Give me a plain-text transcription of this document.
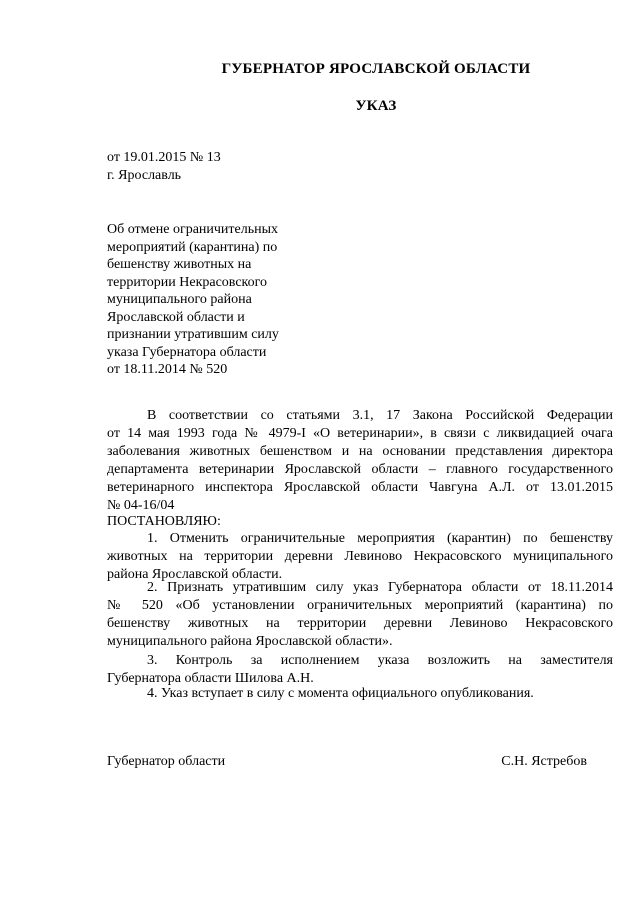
ГУБЕРНАТОР ЯРОСЛАВСКОЙ ОБЛАСТИ
УКАЗ
от 19.01.2015 № 13
г. Ярославль
Об отмене ограничительных
мероприятий (карантина) по
бешенству животных на
территории Некрасовского
муниципального района
Ярославской области и
признании утратившим силу
указа Губернатора области
от 18.11.2014 № 520
В соответствии со статьями 3.1, 17 Закона Российской Федерации
от 14 мая 1993 года № 4979-I «О ветеринарии», в связи с ликвидацией очага
заболевания животных бешенством и на основании представления директора
департамента ветеринарии Ярославской области – главного государственного
ветеринарного инспектора Ярославской области Чавгуна А.Л. от 13.01.2015
№ 04-16/04
ПОСТАНОВЛЯЮ:
1. Отменить ограничительные мероприятия (карантин) по бешенству
животных на территории деревни Левиново Некрасовского муниципального
района Ярославской области.
2. Признать утратившим силу указ Губернатора области от 18.11.2014
№ 520 «Об установлении ограничительных мероприятий (карантина) по
бешенству животных на территории деревни Левиново Некрасовского
муниципального района Ярославской области».
3. Контроль за исполнением указа возложить на заместителя
Губернатора области Шилова А.Н.
4. Указ вступает в силу с момента официального опубликования.
Губернатор области	С.Н. Ястребов
